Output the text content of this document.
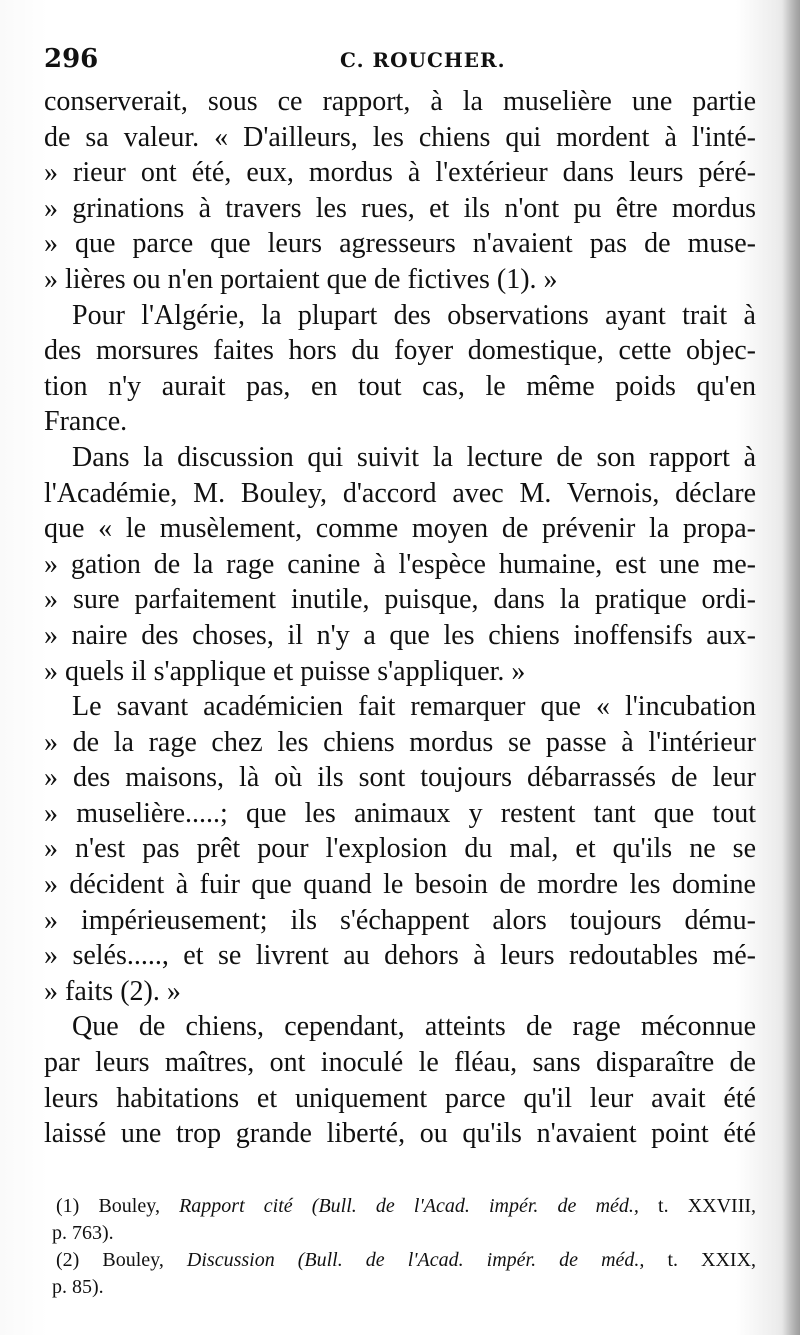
296	C. ROUCHER.
conserverait, sous ce rapport, à la muselière une partie
de sa valeur. « D'ailleurs, les chiens qui mordent à l'inté-
» rieur ont été, eux, mordus à l'extérieur dans leurs péré-
» grinations à travers les rues, et ils n'ont pu être mordus
» que parce que leurs agresseurs n'avaient pas de muse-
» lières ou n'en portaient que de fictives (1). »
Pour l'Algérie, la plupart des observations ayant trait à
des morsures faites hors du foyer domestique, cette objec-
tion n'y aurait pas, en tout cas, le même poids qu'en
France.
Dans la discussion qui suivit la lecture de son rapport à
l'Académie, M. Bouley, d'accord avec M. Vernois, déclare
que « le musèlement, comme moyen de prévenir la propa-
» gation de la rage canine à l'espèce humaine, est une me-
» sure parfaitement inutile, puisque, dans la pratique ordi-
» naire des choses, il n'y a que les chiens inoffensifs aux-
» quels il s'applique et puisse s'appliquer. »
Le savant académicien fait remarquer que « l'incubation
» de la rage chez les chiens mordus se passe à l'intérieur
» des maisons, là où ils sont toujours débarrassés de leur
» muselière.....; que les animaux y restent tant que tout
» n'est pas prêt pour l'explosion du mal, et qu'ils ne se
» décident à fuir que quand le besoin de mordre les domine
» impérieusement; ils s'échappent alors toujours dému-
» selés....., et se livrent au dehors à leurs redoutables mé-
» faits (2). »
Que de chiens, cependant, atteints de rage méconnue
par leurs maîtres, ont inoculé le fléau, sans disparaître de
leurs habitations et uniquement parce qu'il leur avait été
laissé une trop grande liberté, ou qu'ils n'avaient point été
(1) Bouley, Rapport cité (Bull. de l'Acad. impér. de méd., t. XXVIII,
p. 763).
(2) Bouley, Discussion (Bull. de l'Acad. impér. de méd., t. XXIX,
p. 85).
